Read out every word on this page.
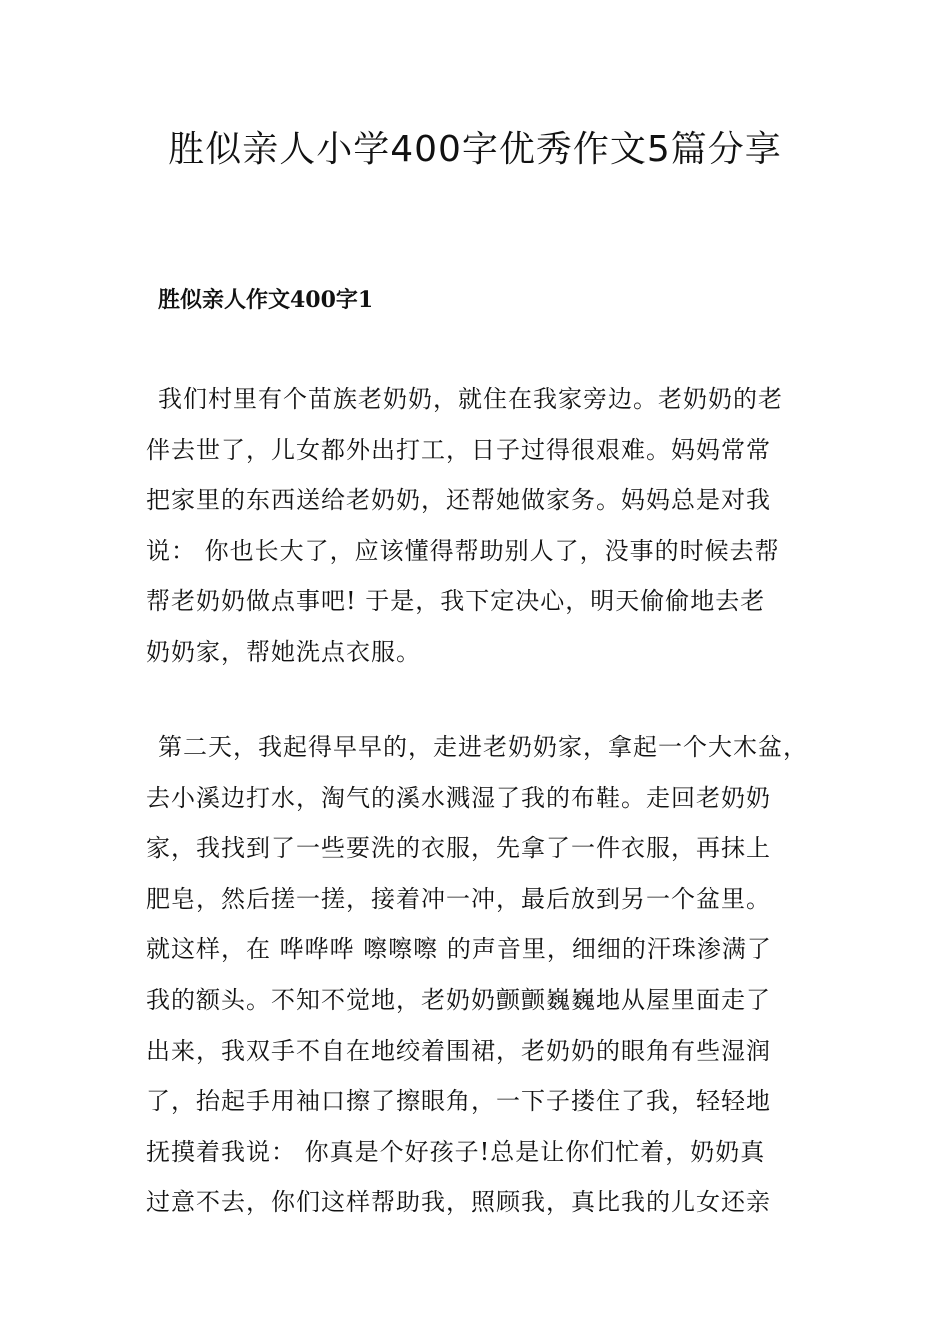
胜似亲人小学400字优秀作文5篇分享
胜似亲人作文400字1

我们村里有个苗族老奶奶，就住在我家旁边。老奶奶的老
伴去世了，儿女都外出打工，日子过得很艰难。妈妈常常
把家里的东西送给老奶奶，还帮她做家务。妈妈总是对我
说： 你也长大了，应该懂得帮助别人了，没事的时候去帮
帮老奶奶做点事吧! 于是，我下定决心，明天偷偷地去老
奶奶家，帮她洗点衣服。

第二天，我起得早早的，走进老奶奶家，拿起一个大木盆，
去小溪边打水，淘气的溪水溅湿了我的布鞋。走回老奶奶
家，我找到了一些要洗的衣服，先拿了一件衣服，再抹上
肥皂，然后搓一搓，接着冲一冲，最后放到另一个盆里。
就这样，在 哗哗哗 嚓嚓嚓 的声音里，细细的汗珠渗满了
我的额头。不知不觉地，老奶奶颤颤巍巍地从屋里面走了
出来，我双手不自在地绞着围裙，老奶奶的眼角有些湿润
了，抬起手用袖口擦了擦眼角，一下子搂住了我，轻轻地
抚摸着我说： 你真是个好孩子!总是让你们忙着，奶奶真
过意不去，你们这样帮助我，照顾我，真比我的儿女还亲
